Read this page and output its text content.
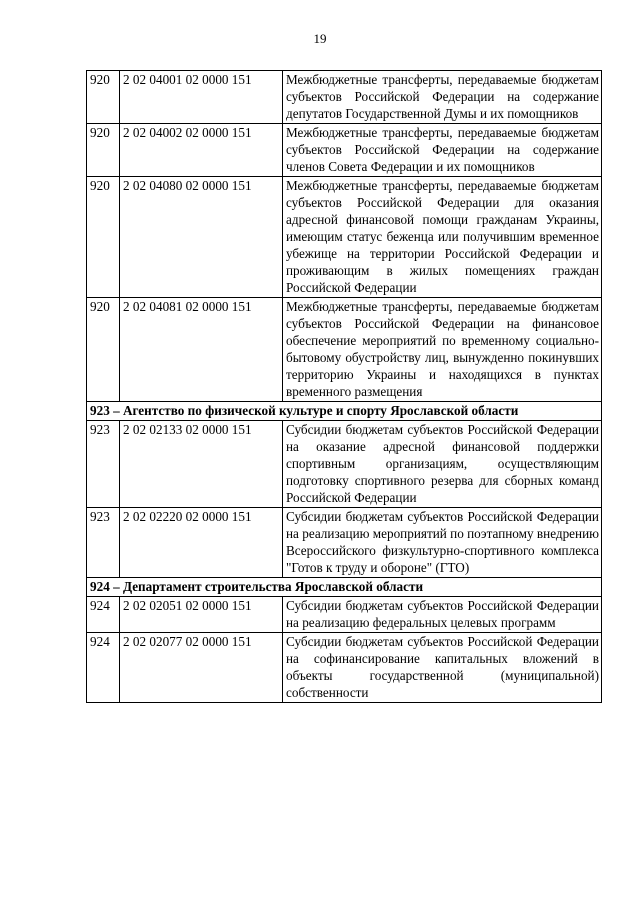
19
920	2 02 04001 02 0000 151	Межбюджетные трансферты, передаваемые бюджетам субъектов Российской Федерации на содержание депутатов Государственной Думы и их помощников
920	2 02 04002 02 0000 151	Межбюджетные трансферты, передаваемые бюджетам субъектов Российской Федерации на содержание членов Совета Федерации и их помощников
920	2 02 04080 02 0000 151	Межбюджетные трансферты, передаваемые бюджетам субъектов Российской Федерации для оказания адресной финансовой помощи гражданам Украины, имеющим статус беженца или получившим временное убежище на территории Российской Федерации и проживающим в жилых помещениях граждан Российской Федерации
920	2 02 04081 02 0000 151	Межбюджетные трансферты, передаваемые бюджетам субъектов Российской Федерации на финансовое обеспечение мероприятий по временному социально-бытовому обустройству лиц, вынужденно покинувших территорию Украины и находящихся в пунктах временного размещения
923 – Агентство по физической культуре и спорту Ярославской области		
923	2 02 02133 02 0000 151	Субсидии бюджетам субъектов Российской Федерации на оказание адресной финансовой поддержки спортивным организациям, осуществляющим подготовку спортивного резерва для сборных команд Российской Федерации
923	2 02 02220 02 0000 151	Субсидии бюджетам субъектов Российской Федерации на реализацию мероприятий по поэтапному внедрению Всероссийского физкультурно-спортивного комплекса "Готов к труду и обороне" (ГТО)
924 – Департамент строительства Ярославской области		
924	2 02 02051 02 0000 151	Субсидии бюджетам субъектов Российской Федерации на реализацию федеральных целевых программ
924	2 02 02077 02 0000 151	Субсидии бюджетам субъектов Российской Федерации на софинансирование капитальных вложений в объекты государственной (муниципальной) собственности
